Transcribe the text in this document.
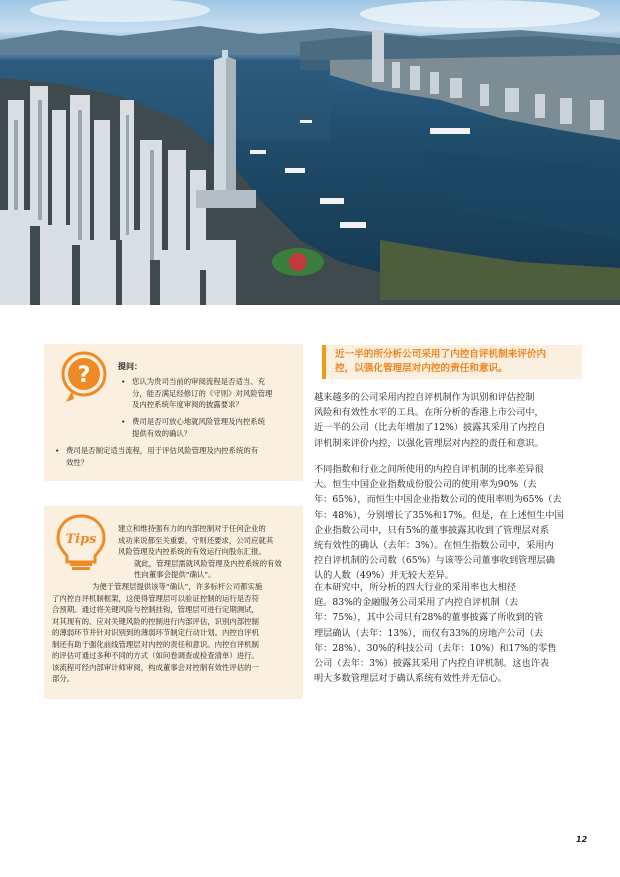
?	提问：
• 您认为贵司当前的审阅流程是否适当、充
分，能否满足经修订的《守则》对风险管理
及内控系统年度审阅的披露要求？
• 费司是否可放心地就风险管理及内控系统
提供有效的确认？
• 费司是否制定适当流程，用于评估风险管理及内控系统的有
效性？
Tips
建立和维持强有力的内部控制对于任何企业的
成功来说都至关重要。守则还要求，公司应就其
风险管理及内控系统的有效运行向股东汇报。
就此，管理层需就风险管理及内控系统的有效
性向董事会提供“确认”。
为便于管理层提供该等“确认”，许多标杆公司都实施
了内控自评机制框架，这使得管理层可以验证控制的运行是否符
合预期。通过将关键风险与控制挂钩，管理层可进行定期测试，
对其现有的、应对关键风险的控制进行内部评估，识别内部控制
的薄弱环节并针对识别到的薄弱环节制定行动计划。内控自评机
制还有助于强化前线管理层对内控的责任和意识。内控自评机制
的评估可通过多种不同的方式（如问卷调查或检查清单）进行。
该流程可经内部审计师审阅，构成董事会对控制有效性评估的一
部分。
近一半的所分析公司采用了内控自评机制来评价内
控，以强化管理层对内控的责任和意识。
越来越多的公司采用内控自评机制作为识别和评估控制
风险和有效性水平的工具。在所分析的香港上市公司中，
近一半的公司（比去年增加了12%）披露其采用了内控自
评机制来评价内控，以强化管理层对内控的责任和意识。
不同指数和行业之间所使用的内控自评机制的比率差异很
大。恒生中国企业指数成份股公司的使用率为90%（去
年：65%），而恒生中国企业指数公司的使用率则为65%（去
年：48%），分别增长了35%和17%。但是，在上述恒生中国
企业指数公司中，只有5%的董事披露其收到了管理层对系
统有效性的确认（去年：3%）。在恒生指数公司中，采用内
控自评机制的公司数（65%）与该等公司董事收到管理层确
认的人数（49%）并无较大差异。
在本研究中，所分析的四大行业的采用率也大相径
庭。83%的金融服务公司采用了内控自评机制（去
年：75%），其中公司只有28%的董事披露了所收到的管
理层确认（去年：13%），而仅有33%的房地产公司（去
年：28%）、30%的科技公司（去年：10%）和17%的零售
公司（去年：3%）披露其采用了内控自评机制。这也许表
明大多数管理层对于确认系统有效性并无信心。
12
